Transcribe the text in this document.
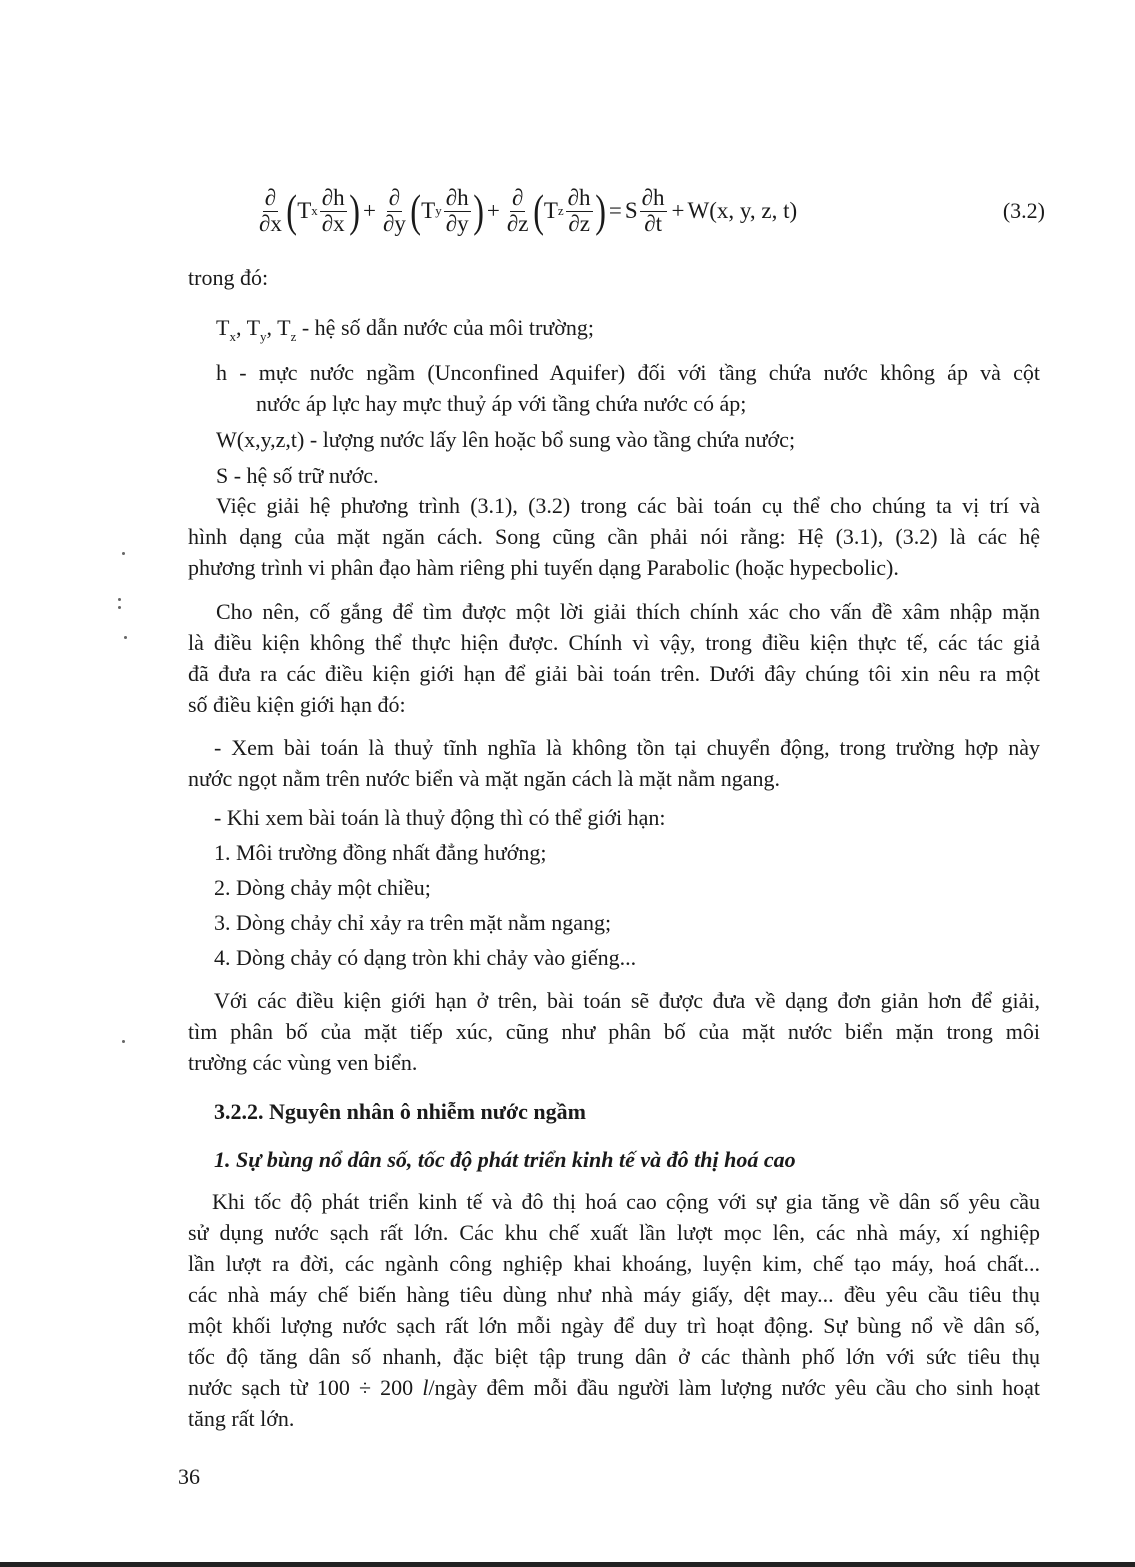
$\frac{\partial}{\partial x}$ ( T x $\frac{\partial h}{\partial x}$ ) + $\frac{\partial}{\partial y}$ ( T y $\frac{\partial h}{\partial y}$ ) + $\frac{\partial}{\partial z}$ ( T z $\frac{\partial h}{\partial z}$ ) = S $\frac{\partial h}{\partial t} + W(x$, y, z, t)	(3.2)
trong đó:
$T_x$, $T_y$, $T_z$ - hệ số dẫn nước của môi trường;
h - mực nước ngầm (Unconfined Aquifer) đối với tầng chứa nước không áp và cột
nước áp lực hay mực thuỷ áp với tầng chứa nước có áp;
W(x,y,z,t) - lượng nước lấy lên hoặc bổ sung vào tầng chứa nước;
S - hệ số trữ nước.
Việc giải hệ phương trình (3.1), (3.2) trong các bài toán cụ thể cho chúng ta vị trí và
hình dạng của mặt ngăn cách. Song cũng cần phải nói rằng: Hệ (3.1), (3.2) là các hệ
phương trình vi phân đạo hàm riêng phi tuyến dạng Parabolic (hoặc hypecbolic).
Cho nên, cố gắng để tìm được một lời giải thích chính xác cho vấn đề xâm nhập mặn
là điều kiện không thể thực hiện được. Chính vì vậy, trong điều kiện thực tế, các tác giả
đã đưa ra các điều kiện giới hạn để giải bài toán trên. Dưới đây chúng tôi xin nêu ra một
số điều kiện giới hạn đó:
- Xem bài toán là thuỷ tĩnh nghĩa là không tồn tại chuyển động, trong trường hợp này
nước ngọt nằm trên nước biển và mặt ngăn cách là mặt nằm ngang.
- Khi xem bài toán là thuỷ động thì có thể giới hạn:
1. Môi trường đồng nhất đẳng hướng;
2. Dòng chảy một chiều;
3. Dòng chảy chỉ xảy ra trên mặt nằm ngang;
4. Dòng chảy có dạng tròn khi chảy vào giếng...
Với các điều kiện giới hạn ở trên, bài toán sẽ được đưa về dạng đơn giản hơn để giải,
tìm phân bố của mặt tiếp xúc, cũng như phân bố của mặt nước biển mặn trong môi
trường các vùng ven biển.
3.2.2. Nguyên nhân ô nhiễm nước ngầm
1. Sự bùng nổ dân số, tốc độ phát triển kinh tế và đô thị hoá cao
Khi tốc độ phát triển kinh tế và đô thị hoá cao cộng với sự gia tăng về dân số yêu cầu
sử dụng nước sạch rất lớn. Các khu chế xuất lần lượt mọc lên, các nhà máy, xí nghiệp
lần lượt ra đời, các ngành công nghiệp khai khoáng, luyện kim, chế tạo máy, hoá chất...
các nhà máy chế biến hàng tiêu dùng như nhà máy giấy, dệt may... đều yêu cầu tiêu thụ
một khối lượng nước sạch rất lớn mỗi ngày để duy trì hoạt động. Sự bùng nổ về dân số,
tốc độ tăng dân số nhanh, đặc biệt tập trung dân ở các thành phố lớn với sức tiêu thụ
nước sạch từ 100 ÷ 200 l/ngày đêm mỗi đầu người làm lượng nước yêu cầu cho sinh hoạt
tăng rất lớn.
36
